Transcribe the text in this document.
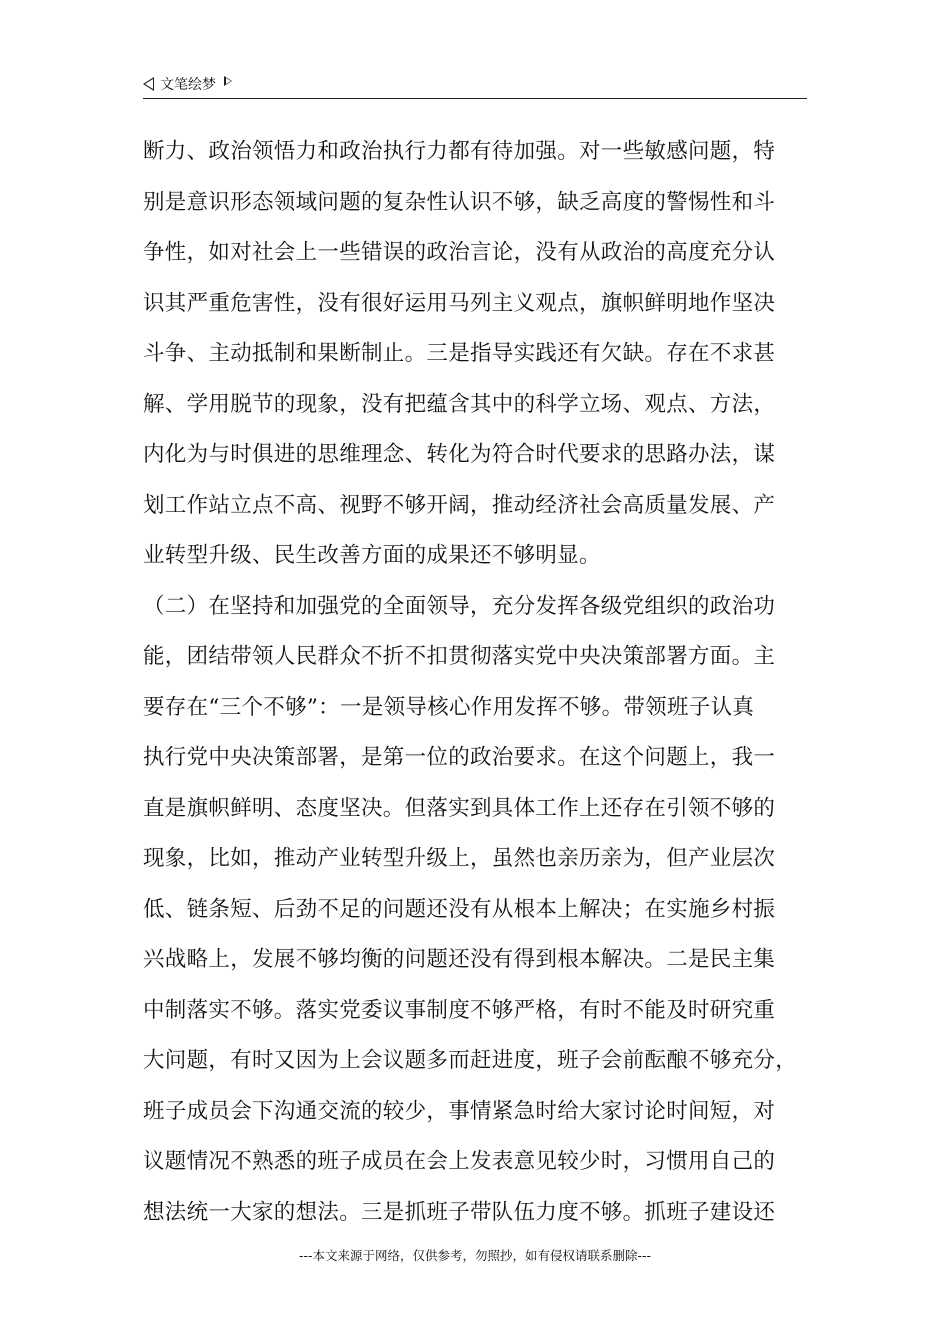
文笔绘梦
断力、政治领悟力和政治执行力都有待加强。对一些敏感问题，特
别是意识形态领域问题的复杂性认识不够，缺乏高度的警惕性和斗
争性，如对社会上一些错误的政治言论，没有从政治的高度充分认
识其严重危害性，没有很好运用马列主义观点，旗帜鲜明地作坚决
斗争、主动抵制和果断制止。三是指导实践还有欠缺。存在不求甚
解、学用脱节的现象，没有把蕴含其中的科学立场、观点、方法，
内化为与时俱进的思维理念、转化为符合时代要求的思路办法，谋
划工作站立点不高、视野不够开阔，推动经济社会高质量发展、产
业转型升级、民生改善方面的成果还不够明显。
（二）在坚持和加强党的全面领导，充分发挥各级党组织的政治功
能，团结带领人民群众不折不扣贯彻落实党中央决策部署方面。主
要存在“三个不够”：一是领导核心作用发挥不够。带领班子认真
执行党中央决策部署，是第一位的政治要求。在这个问题上，我一
直是旗帜鲜明、态度坚决。但落实到具体工作上还存在引领不够的
现象，比如，推动产业转型升级上，虽然也亲历亲为，但产业层次
低、链条短、后劲不足的问题还没有从根本上解决；在实施乡村振
兴战略上，发展不够均衡的问题还没有得到根本解决。二是民主集
中制落实不够。落实党委议事制度不够严格，有时不能及时研究重
大问题，有时又因为上会议题多而赶进度，班子会前酝酿不够充分，
班子成员会下沟通交流的较少，事情紧急时给大家讨论时间短，对
议题情况不熟悉的班子成员在会上发表意见较少时，习惯用自己的
想法统一大家的想法。三是抓班子带队伍力度不够。抓班子建设还
---本文来源于网络，仅供参考，勿照抄，如有侵权请联系删除---
